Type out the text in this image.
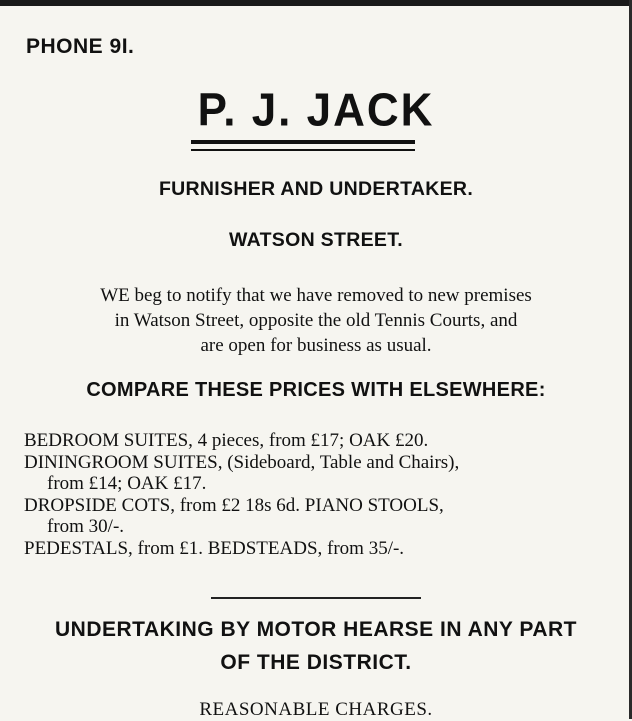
PHONE 9I.
P. J. JACK
FURNISHER AND UNDERTAKER.
WATSON STREET.
WE beg to notify that we have removed to new premises
in Watson Street, opposite the old Tennis Courts, and
are open for business as usual.
COMPARE THESE PRICES WITH ELSEWHERE:
BEDROOM SUITES, 4 pieces, from £17; OAK £20.
DININGROOM SUITES, (Sideboard, Table and Chairs),
from £14; OAK £17.
DROPSIDE COTS, from £2 18s 6d. PIANO STOOLS,
from 30/-.
PEDESTALS, from £1. BEDSTEADS, from 35/-.
UNDERTAKING BY MOTOR HEARSE IN ANY PART
OF THE DISTRICT.
REASONABLE CHARGES.
